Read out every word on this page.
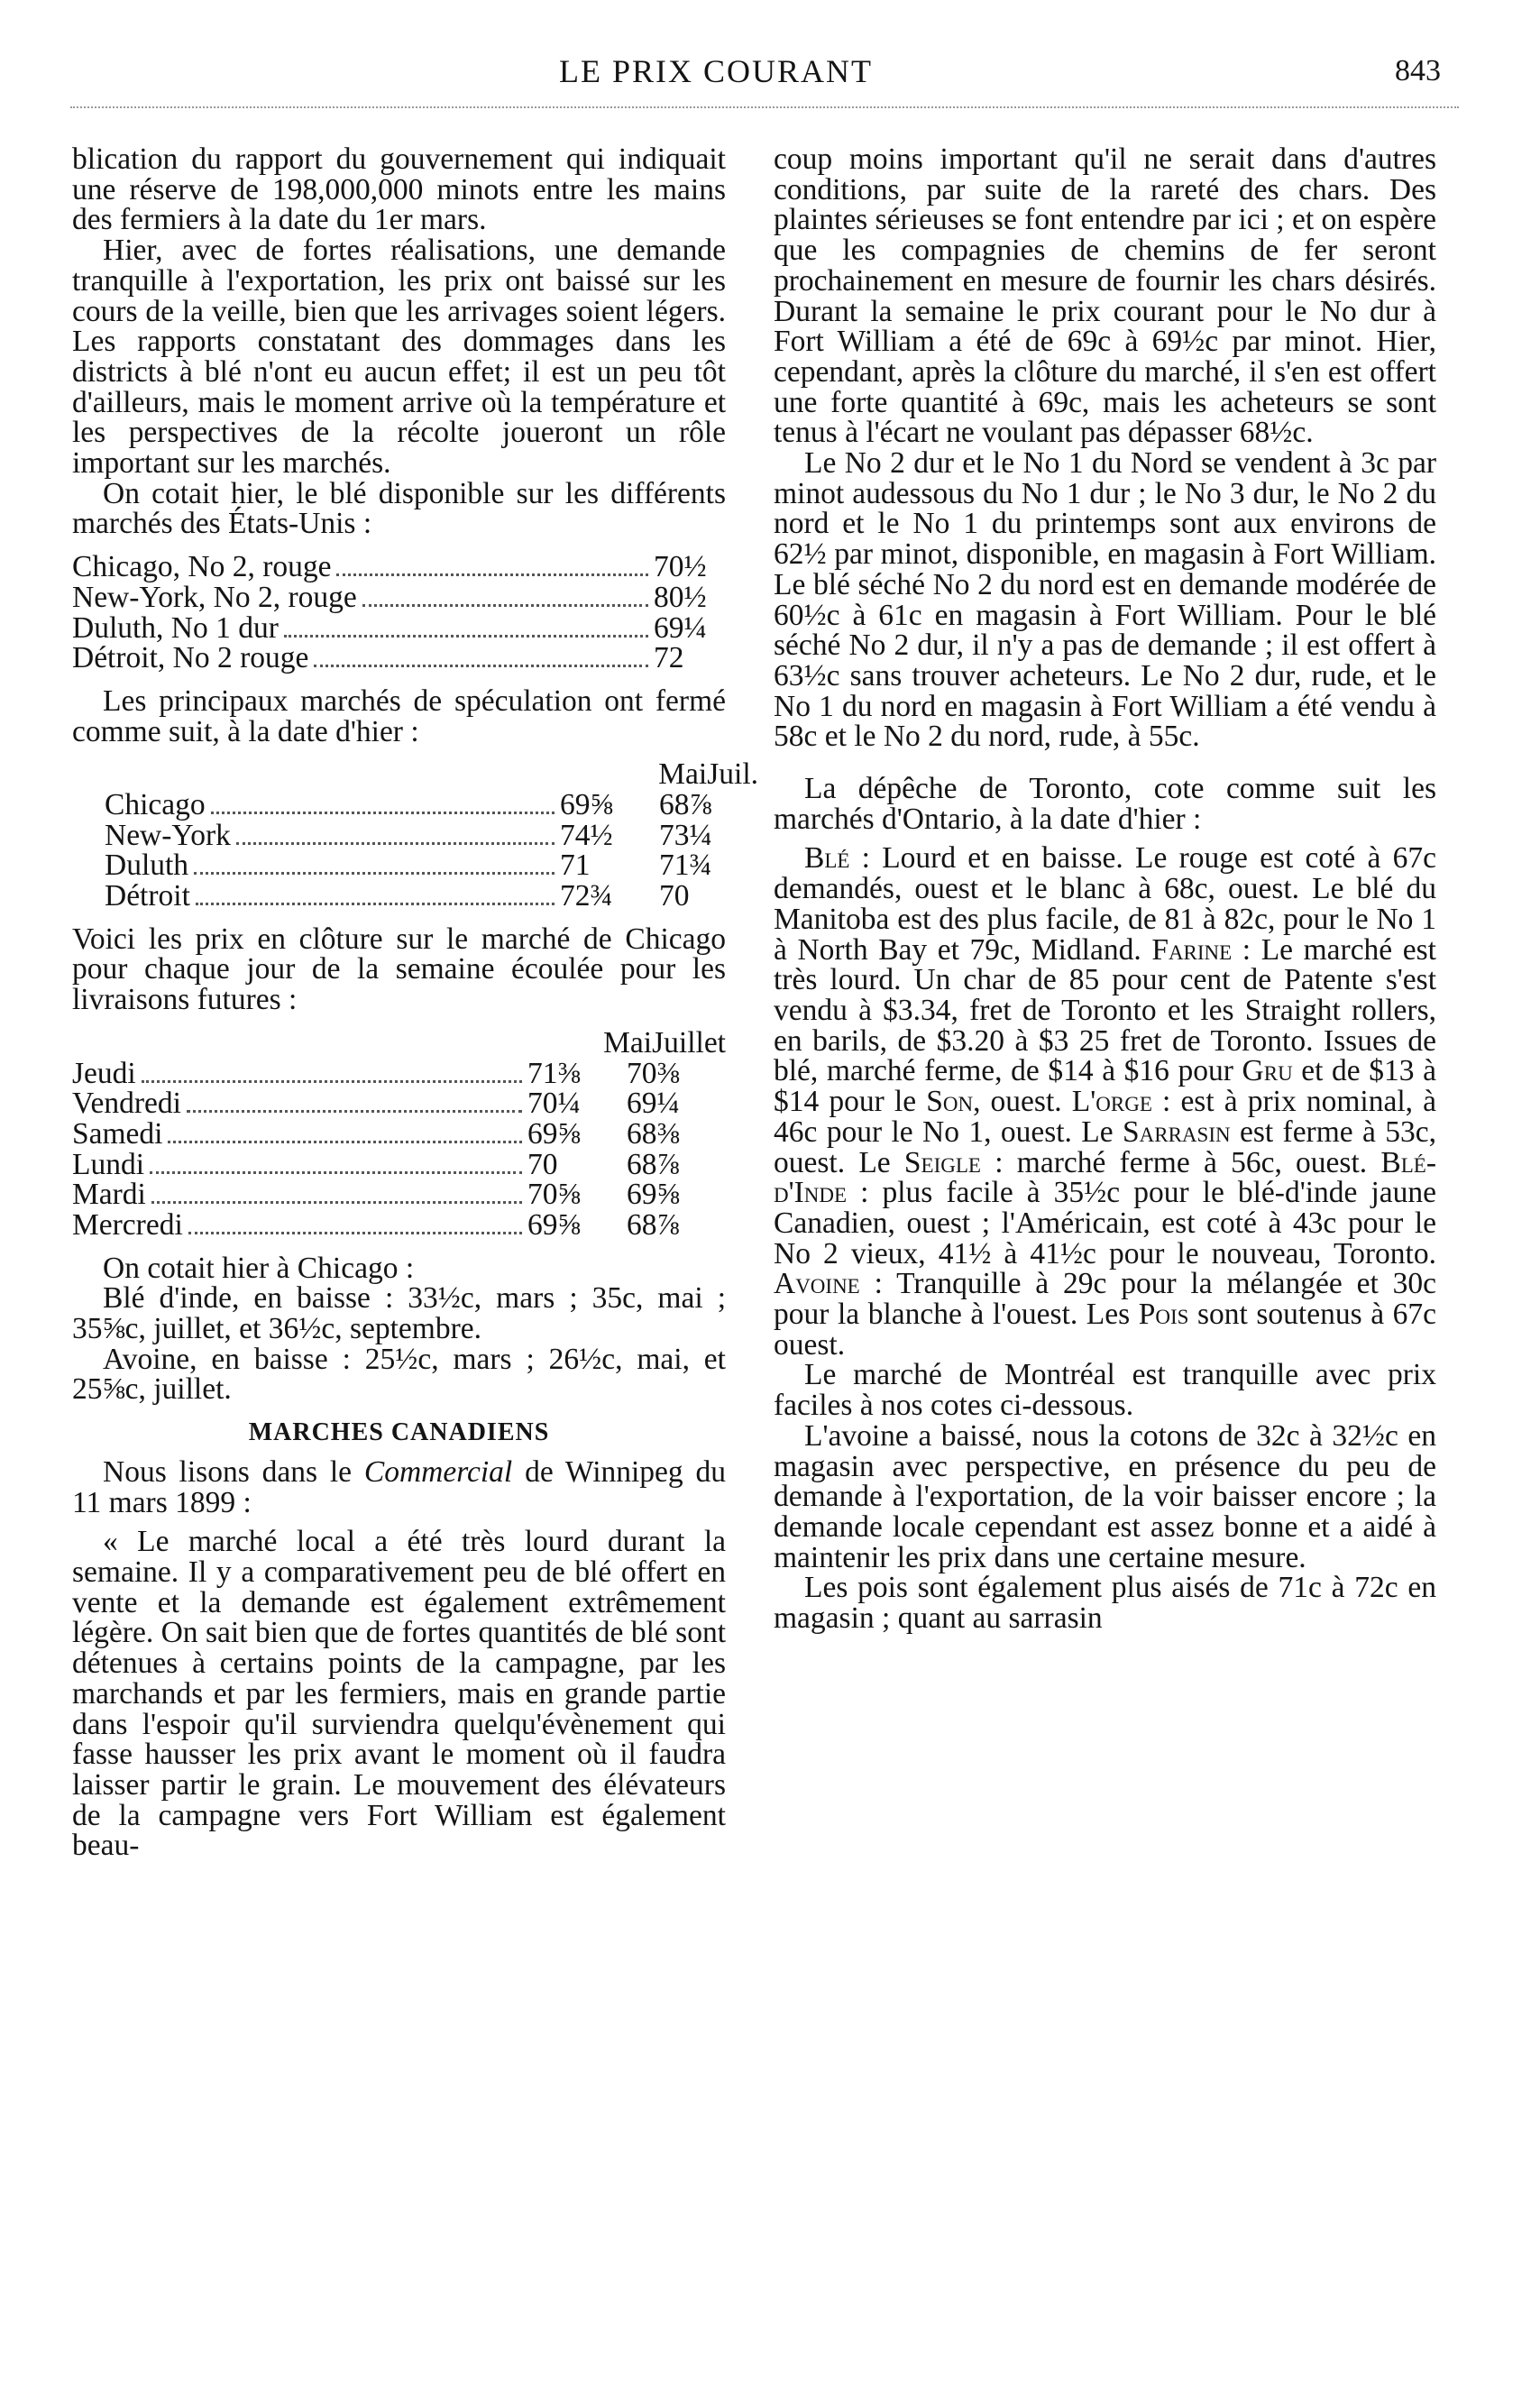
LE PRIX COURANT	843

blication du rapport du gouvernement qui indiquait une réserve de 198,000,000 minots entre les mains des fermiers à la date du 1er mars.

Hier, avec de fortes réalisations, une demande tranquille à l'exportation, les prix ont baissé sur les cours de la veille, bien que les arrivages soient légers. Les rapports constatant des dommages dans les districts à blé n'ont eu aucun effet; il est un peu tôt d'ailleurs, mais le moment arrive où la température et les perspectives de la récolte joueront un rôle important sur les marchés.

On cotait hier, le blé disponible sur les différents marchés des États-Unis :

Chicago, No 2, rouge	70½
New-York, No 2, rouge	80½
Duluth, No 1 dur	69¼
Détroit, No 2 rouge	72

Les principaux marchés de spéculation ont fermé comme suit, à la date d'hier :

Mai Juil.
Chicago	69⅝	68⅞
New-York	74½	73¼
Duluth	71	71¾
Détroit	72¾	70

Voici les prix en clôture sur le marché de Chicago pour chaque jour de la semaine écoulée pour les livraisons futures :

Mai Juillet
Jeudi	71⅜	70⅜
Vendredi	70¼	69¼
Samedi	69⅝	68⅜
Lundi	70	68⅞
Mardi	70⅝	69⅝
Mercredi	69⅝	68⅞

On cotait hier à Chicago :

Blé d'inde, en baisse : 33½c, mars ; 35c, mai ; 35⅝c, juillet, et 36½c, septembre.

Avoine, en baisse : 25½c, mars ; 26½c, mai, et 25⅝c, juillet.

MARCHES CANADIENS

Nous lisons dans le Commercial de Winnipeg du 11 mars 1899 :

« Le marché local a été très lourd durant la semaine. Il y a comparativement peu de blé offert en vente et la demande est également extrêmement légère. On sait bien que de fortes quantités de blé sont détenues à certains points de la campagne, par les marchands et par les fermiers, mais en grande partie dans l'espoir qu'il surviendra quelqu'évènement qui fasse hausser les prix avant le moment où il faudra laisser partir le grain. Le mouvement des élévateurs de la campagne vers Fort William est également beau-

coup moins important qu'il ne serait dans d'autres conditions, par suite de la rareté des chars. Des plaintes sérieuses se font entendre par ici ; et on espère que les compagnies de chemins de fer seront prochainement en mesure de fournir les chars désirés. Durant la semaine le prix courant pour le No dur à Fort William a été de 69c à 69½c par minot. Hier, cependant, après la clôture du marché, il s'en est offert une forte quantité à 69c, mais les acheteurs se sont tenus à l'écart ne voulant pas dépasser 68½c.

Le No 2 dur et le No 1 du Nord se vendent à 3c par minot audessous du No 1 dur ; le No 3 dur, le No 2 du nord et le No 1 du printemps sont aux environs de 62½ par minot, disponible, en magasin à Fort William. Le blé séché No 2 du nord est en demande modérée de 60½c à 61c en magasin à Fort William. Pour le blé séché No 2 dur, il n'y a pas de demande ; il est offert à 63½c sans trouver acheteurs. Le No 2 dur, rude, et le No 1 du nord en magasin à Fort William a été vendu à 58c et le No 2 du nord, rude, à 55c.

La dépêche de Toronto, cote comme suit les marchés d'Ontario, à la date d'hier :

Blé : Lourd et en baisse. Le rouge est coté à 67c demandés, ouest et le blanc à 68c, ouest. Le blé du Manitoba est des plus facile, de 81 à 82c, pour le No 1 à North Bay et 79c, Midland. Farine : Le marché est très lourd. Un char de 85 pour cent de Patente s'est vendu à $3.34, fret de Toronto et les Straight rollers, en barils, de $3.20 à $3 25 fret de Toronto. Issues de blé, marché ferme, de $14 à $16 pour Gru et de $13 à $14 pour le Son, ouest. L'orge : est à prix nominal, à 46c pour le No 1, ouest. Le Sarrasin est ferme à 53c, ouest. Le Seigle : marché ferme à 56c, ouest. Blé-d'Inde : plus facile à 35½c pour le blé-d'inde jaune Canadien, ouest ; l'Américain, est coté à 43c pour le No 2 vieux, 41½ à 41½c pour le nouveau, Toronto. Avoine : Tranquille à 29c pour la mélangée et 30c pour la blanche à l'ouest. Les Pois sont soutenus à 67c ouest.

Le marché de Montréal est tranquille avec prix faciles à nos cotes ci-dessous.

L'avoine a baissé, nous la cotons de 32c à 32½c en magasin avec perspective, en présence du peu de demande à l'exportation, de la voir baisser encore ; la demande locale cependant est assez bonne et a aidé à maintenir les prix dans une certaine mesure.

Les pois sont également plus aisés de 71c à 72c en magasin ; quant au sarrasin
